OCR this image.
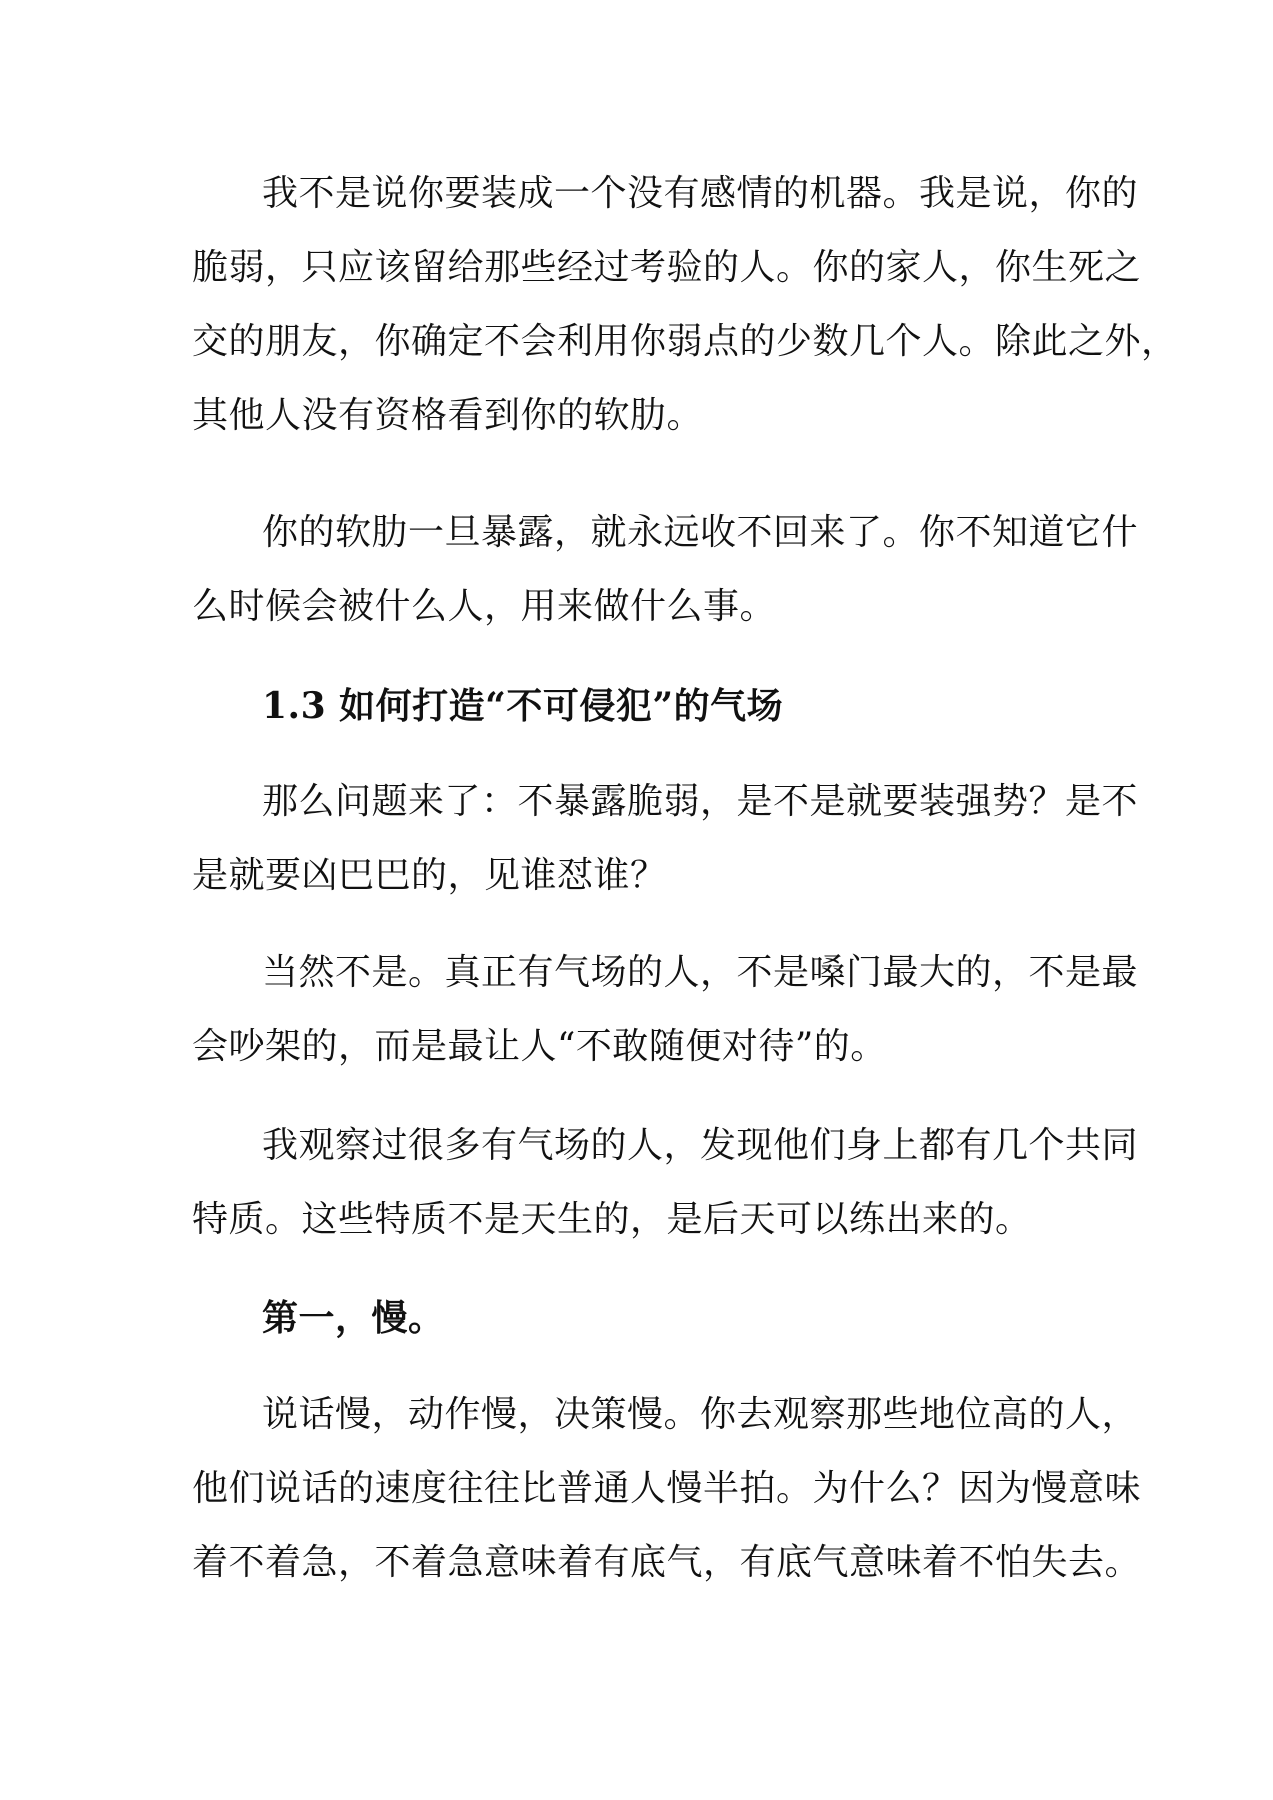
我不是说你要装成一个没有感情的机器。我是说，你的
脆弱，只应该留给那些经过考验的人。你的家人，你生死之
交的朋友，你确定不会利用你弱点的少数几个人。除此之外，
其他人没有资格看到你的软肋。
你的软肋一旦暴露，就永远收不回来了。你不知道它什
么时候会被什么人，用来做什么事。
1.3 如何打造“不可侵犯”的气场
那么问题来了：不暴露脆弱，是不是就要装强势？是不
是就要凶巴巴的，见谁怼谁？
当然不是。真正有气场的人，不是嗓门最大的，不是最
会吵架的，而是最让人“不敢随便对待”的。
我观察过很多有气场的人，发现他们身上都有几个共同
特质。这些特质不是天生的，是后天可以练出来的。
第一，慢。
说话慢，动作慢，决策慢。你去观察那些地位高的人，
他们说话的速度往往比普通人慢半拍。为什么？因为慢意味
着不着急，不着急意味着有底气，有底气意味着不怕失去。
